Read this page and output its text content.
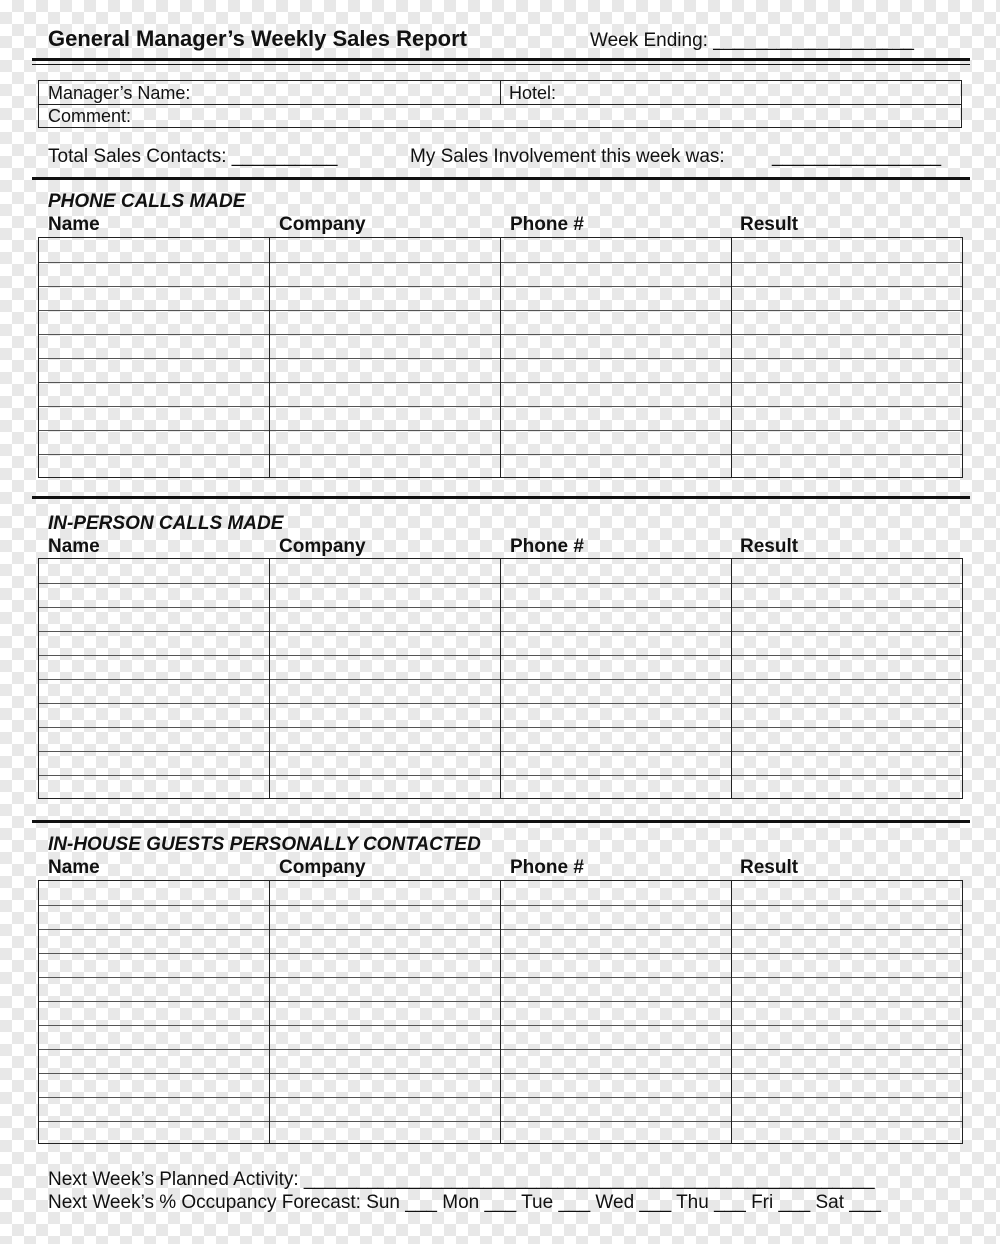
General Manager’s Weekly Sales Report	Week Ending: ___________________
Manager’s Name:	Hotel:
Comment:
Total Sales Contacts: __________	My Sales Involvement this week was: ________________
PHONE CALLS MADE
Name	Company	Phone #	Result
IN-PERSON CALLS MADE
Name	Company	Phone #	Result
IN-HOUSE GUESTS PERSONALLY CONTACTED
Name	Company	Phone #	Result
Next Week’s Planned Activity: ______________________________________________________
Next Week’s % Occupancy Forecast: Sun ___ Mon ___ Tue ___ Wed ___ Thu ___ Fri ___ Sat ___
